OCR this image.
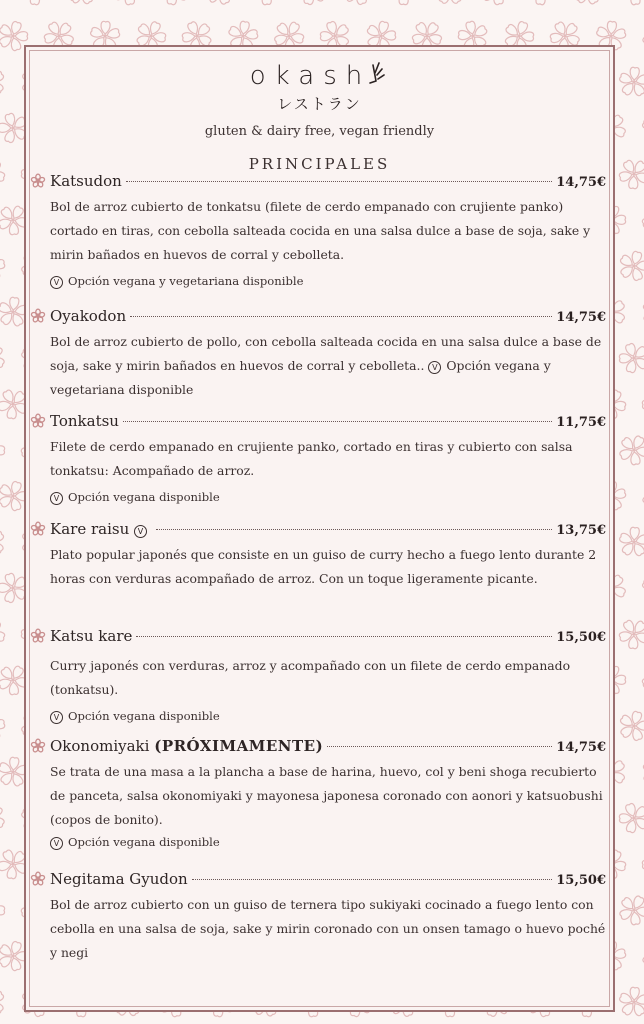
okash
レストラン
gluten & dairy free, vegan friendly
PRINCIPALES
Katsudon	14,75€
Bol de arroz cubierto de tonkatsu (filete de cerdo empanado con crujiente panko) cortado en tiras, con cebolla salteada cocida en una salsa dulce a base de soja, sake y mirin bañados en huevos de corral y cebolleta.
V Opción vegana y vegetariana disponible
Oyakodon	14,75€
Bol de arroz cubierto de pollo, con cebolla salteada cocida en una salsa dulce a base de soja, sake y mirin bañados en huevos de corral y cebolleta.. V Opción vegana y vegetariana disponible
Tonkatsu	11,75€
Filete de cerdo empanado en crujiente panko, cortado en tiras y cubierto con salsa tonkatsu: Acompañado de arroz.
V Opción vegana disponible
Kare raisu V	13,75€
Plato popular japonés que consiste en un guiso de curry hecho a fuego lento durante 2 horas con verduras acompañado de arroz. Con un toque ligeramente picante.
Katsu kare	15,50€
Curry japonés con verduras, arroz y acompañado con un filete de cerdo empanado (tonkatsu).
V Opción vegana disponible
Okonomiyaki (PRÓXIMAMENTE)	14,75€
Se trata de una masa a la plancha a base de harina, huevo, col y beni shoga recubierto de panceta, salsa okonomiyaki y mayonesa japonesa coronado con aonori y katsuobushi (copos de bonito).
V Opción vegana disponible
Negitama Gyudon	15,50€
Bol de arroz cubierto con un guiso de ternera tipo sukiyaki cocinado a fuego lento con cebolla en una salsa de soja, sake y mirin coronado con un onsen tamago o huevo poché y negi
